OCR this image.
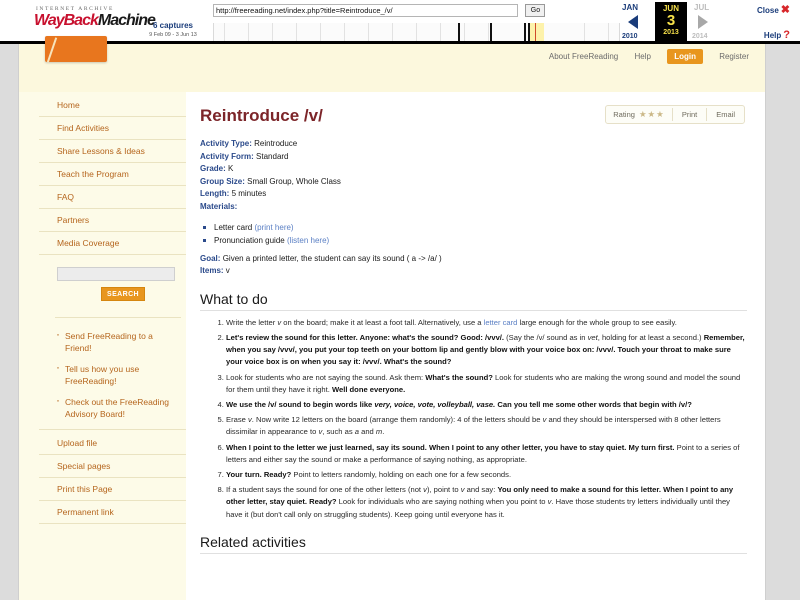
INTERNET ARCHIVE
WayBackMachine
6 captures
9 Feb 09 - 3 Jun 13
http://freereading.net/index.php?title=Reintroduce_/v/ Go	JAN
2010
JUN
3
2013
JUL
2014
Close ✖
Help ?
About FreeReading Help	Login	Register
Home
Find Activities
Share Lessons & Ideas
Teach the Program
FAQ
Partners
Media Coverage
SEARCH
· Send FreeReading to a Friend!
· Tell us how you use FreeReading!
· Check out the FreeReading Advisory Board!
Upload file
Special pages
Print this Page
Permanent link
Rating ★★★	Print	Email
Reintroduce /v/
Activity Type: Reintroduce
Activity Form: Standard
Grade: K
Group Size: Small Group, Whole Class
Length: 5 minutes
Materials:
Letter card (print here)
Pronunciation guide (listen here)
Goal: Given a printed letter, the student can say its sound ( a -> /a/ )
Items: v
What to do
1. Write the letter v on the board; make it at least a foot tall. Alternatively, use a letter card large enough for the whole group to see easily.
2. Let's review the sound for this letter. Anyone: what's the sound? Good: /vvv/. (Say the /v/ sound as in vet, holding for at least a second.) Remember, when you say /vvv/, you put your top teeth on your bottom lip and gently blow with your voice box on: /vvv/. Touch your throat to make sure your voice box is on when you say it: /vvv/. What's the sound?
3. Look for students who are not saying the sound. Ask them: What's the sound? Look for students who are making the wrong sound and model the sound for them until they have it right. Well done everyone.
4. We use the /v/ sound to begin words like very, voice, vote, volleyball, vase. Can you tell me some other words that begin with /v/?
5. Erase v. Now write 12 letters on the board (arrange them randomly): 4 of the letters should be v and they should be interspersed with 8 other letters dissimilar in appearance to v, such as a and m.
6. When I point to the letter we just learned, say its sound. When I point to any other letter, you have to stay quiet. My turn first. Point to a series of letters and either say the sound or make a performance of saying nothing, as appropriate.
7. Your turn. Ready? Point to letters randomly, holding on each one for a few seconds.
8. If a student says the sound for one of the other letters (not v), point to v and say: You only need to make a sound for this letter. When I point to any other letter, stay quiet. Ready? Look for individuals who are saying nothing when you point to v. Have those students try letters individually until they have it (but don't call only on struggling students). Keep going until everyone has it.
Related activities
